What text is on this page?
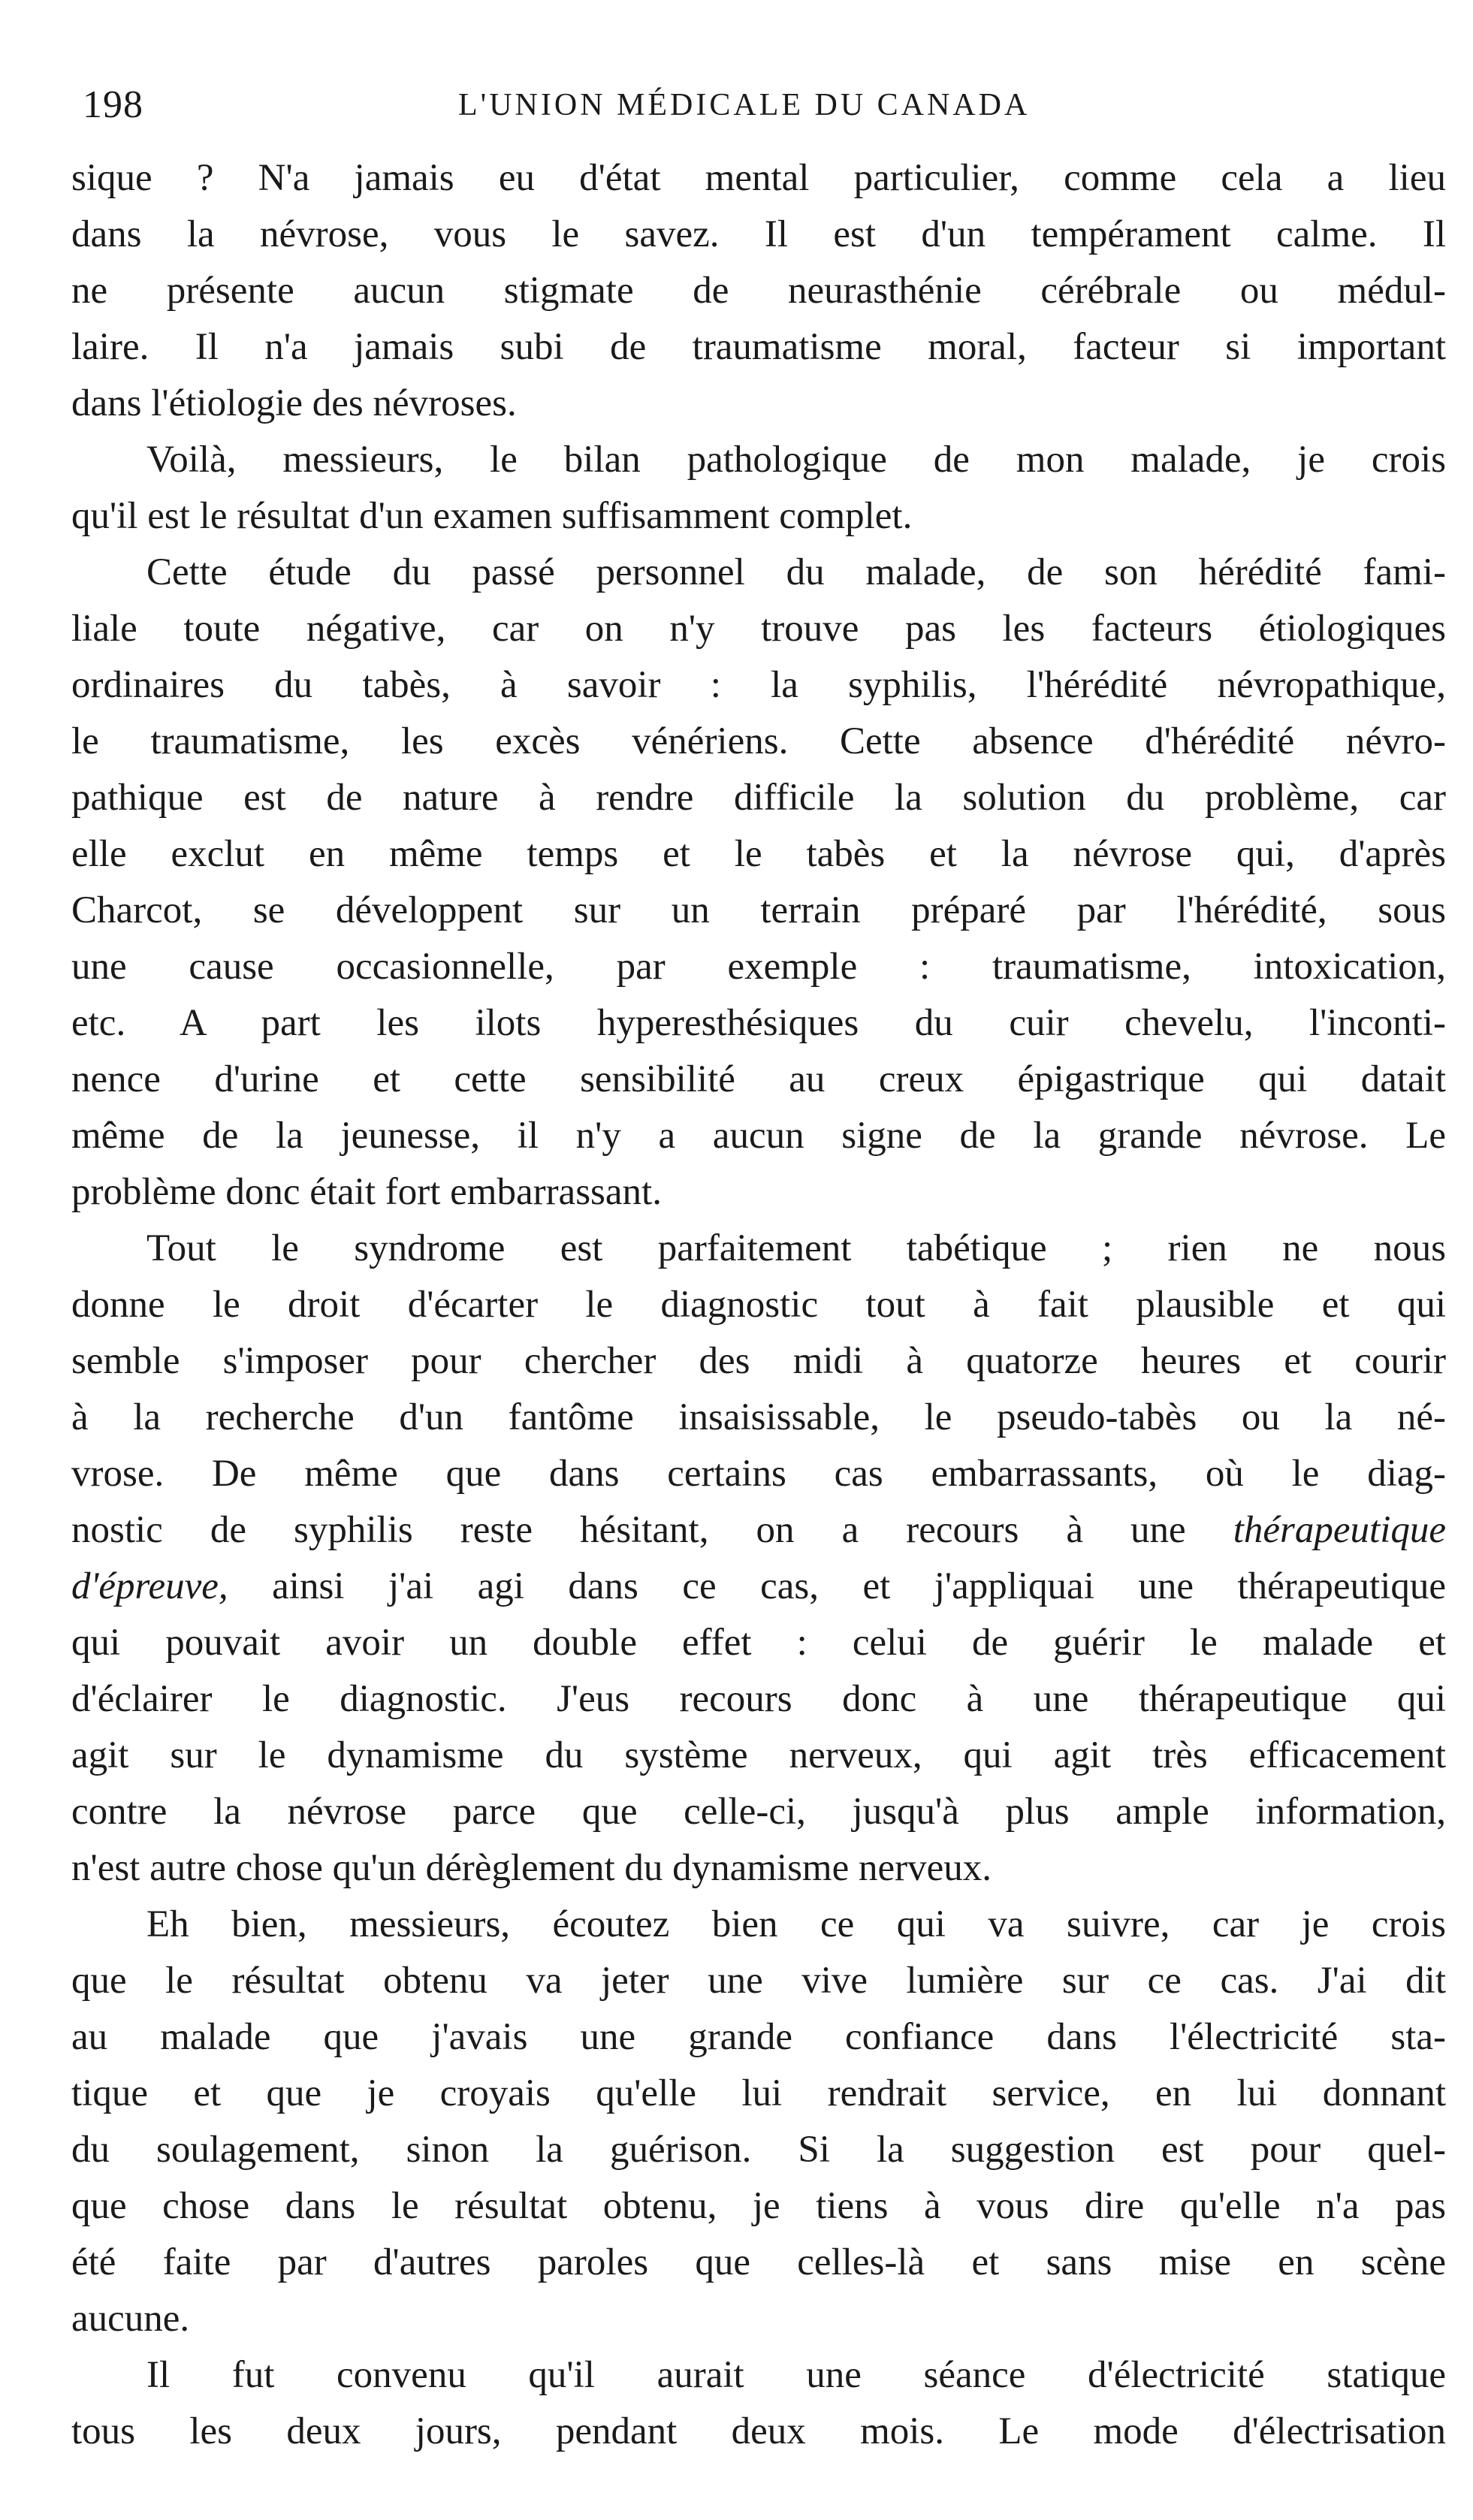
198	L'UNION MÉDICALE DU CANADA

sique ? N'a jamais eu d'état mental particulier, comme cela a lieu
dans la névrose, vous le savez. Il est d'un tempérament calme. Il
ne présente aucun stigmate de neurasthénie cérébrale ou médul-
laire. Il n'a jamais subi de traumatisme moral, facteur si important
dans l'étiologie des névroses.

Voilà, messieurs, le bilan pathologique de mon malade, je crois
qu'il est le résultat d'un examen suffisamment complet.

Cette étude du passé personnel du malade, de son hérédité fami-
liale toute négative, car on n'y trouve pas les facteurs étiologiques
ordinaires du tabès, à savoir : la syphilis, l'hérédité névropathique,
le traumatisme, les excès vénériens. Cette absence d'hérédité névro-
pathique est de nature à rendre difficile la solution du problème, car
elle exclut en même temps et le tabès et la névrose qui, d'après
Charcot, se développent sur un terrain préparé par l'hérédité, sous
une cause occasionnelle, par exemple : traumatisme, intoxication,
etc. A part les ilots hyperesthésiques du cuir chevelu, l'inconti-
nence d'urine et cette sensibilité au creux épigastrique qui datait
même de la jeunesse, il n'y a aucun signe de la grande névrose. Le
problème donc était fort embarrassant.

Tout le syndrome est parfaitement tabétique ; rien ne nous
donne le droit d'écarter le diagnostic tout à fait plausible et qui
semble s'imposer pour chercher des midi à quatorze heures et courir
à la recherche d'un fantôme insaisissable, le pseudo-tabès ou la né-
vrose. De même que dans certains cas embarrassants, où le diag-
nostic de syphilis reste hésitant, on a recours à une thérapeutique
d'épreuve, ainsi j'ai agi dans ce cas, et j'appliquai une thérapeutique
qui pouvait avoir un double effet : celui de guérir le malade et
d'éclairer le diagnostic. J'eus recours donc à une thérapeutique qui
agit sur le dynamisme du système nerveux, qui agit très efficacement
contre la névrose parce que celle-ci, jusqu'à plus ample information,
n'est autre chose qu'un dérèglement du dynamisme nerveux.

Eh bien, messieurs, écoutez bien ce qui va suivre, car je crois
que le résultat obtenu va jeter une vive lumière sur ce cas. J'ai dit
au malade que j'avais une grande confiance dans l'électricité sta-
tique et que je croyais qu'elle lui rendrait service, en lui donnant
du soulagement, sinon la guérison. Si la suggestion est pour quel-
que chose dans le résultat obtenu, je tiens à vous dire qu'elle n'a pas
été faite par d'autres paroles que celles-là et sans mise en scène
aucune.

Il fut convenu qu'il aurait une séance d'électricité statique
tous les deux jours, pendant deux mois. Le mode d'électrisation
